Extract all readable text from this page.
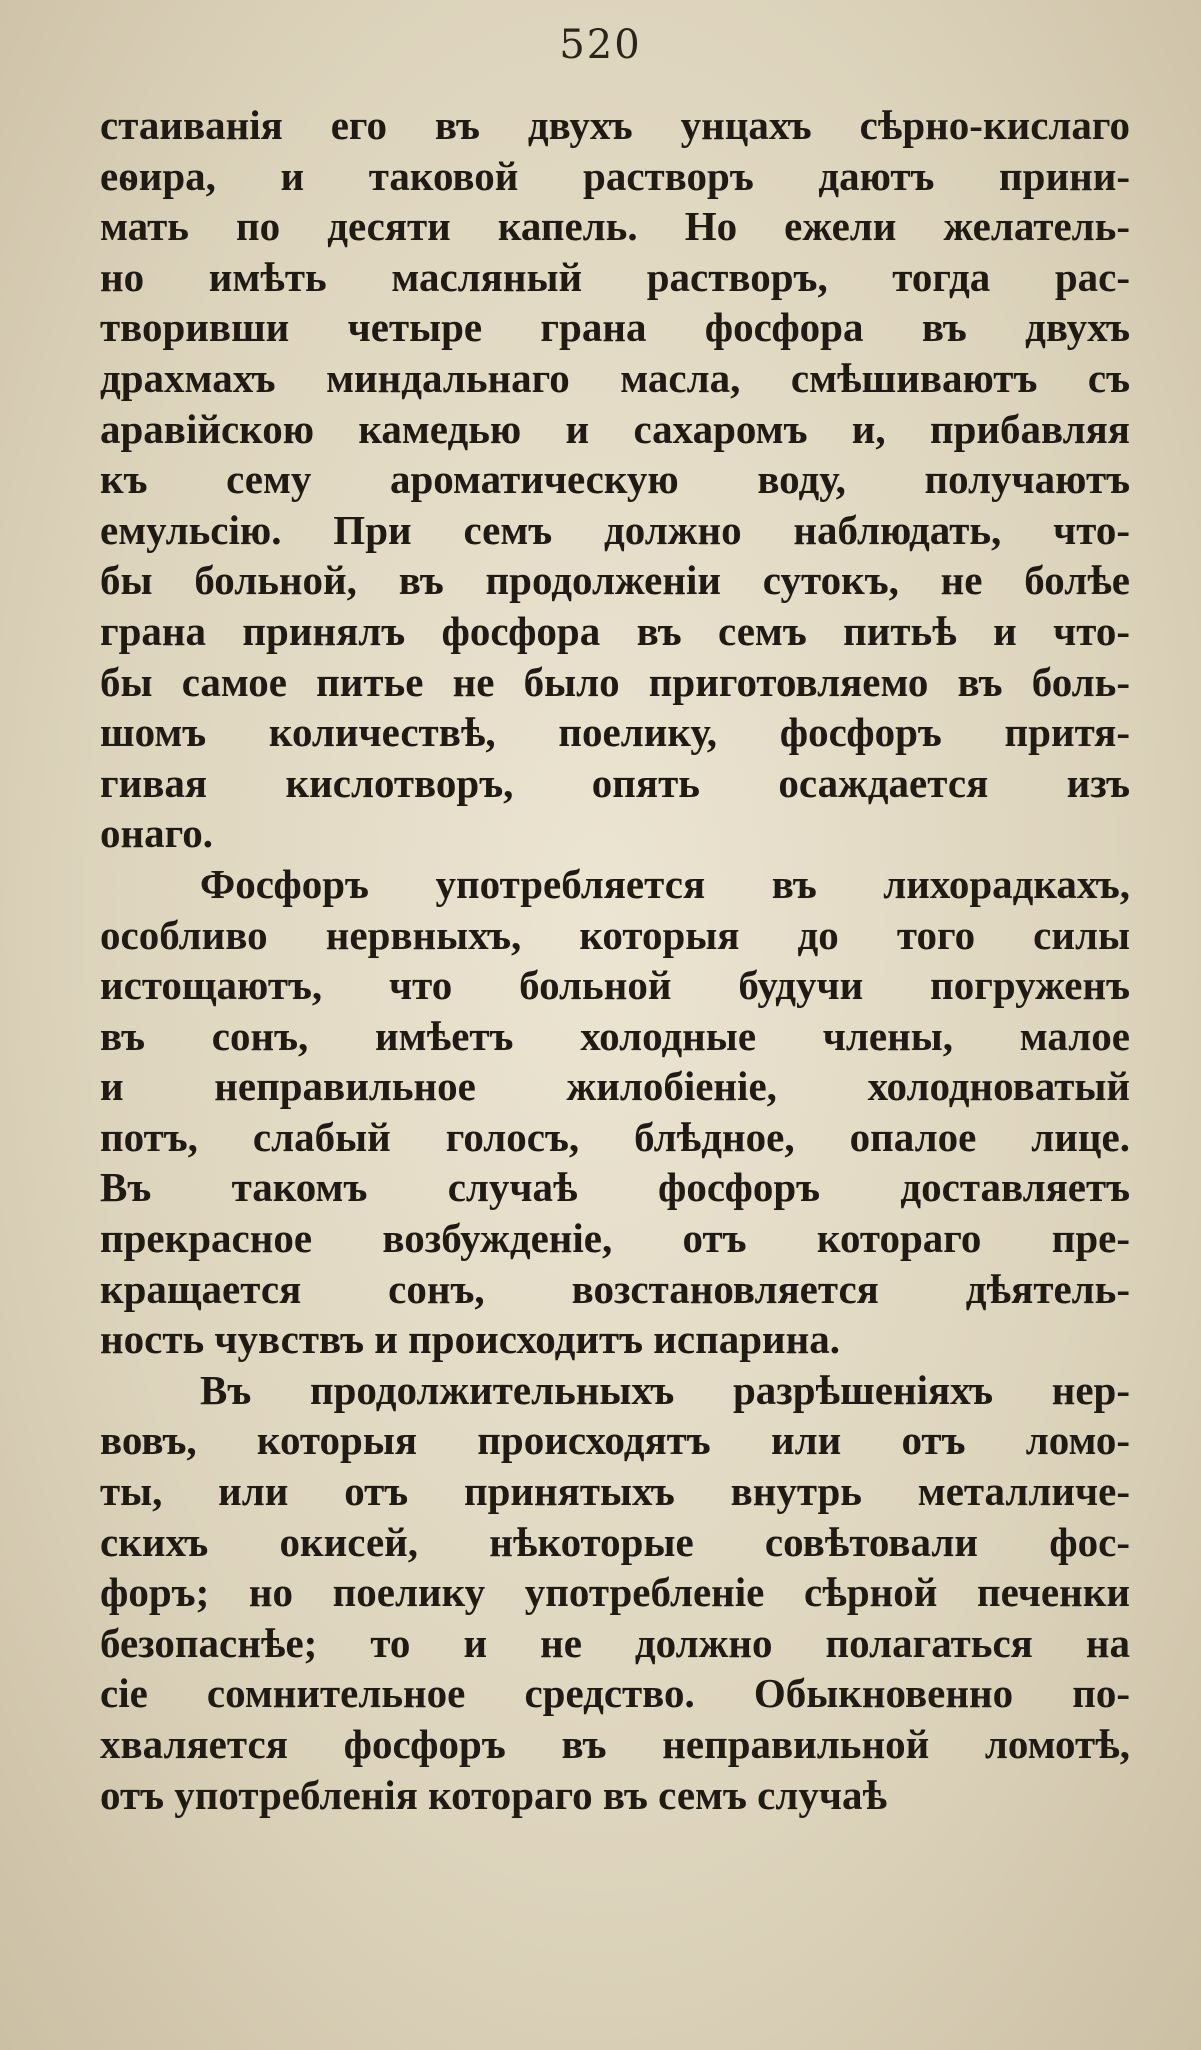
520
стаиванія его въ двухъ унцахъ сѣрно-кислаго
еѳира, и таковой растворъ даютъ прини-
мать по десяти капель. Но ежели желатель-
но имѣть масляный растворъ, тогда рас-
творивши четыре грана фосфора въ двухъ
драхмахъ миндальнаго масла, смѣшиваютъ съ
аравійскою камедью и сахаромъ и, прибавляя
къ сему ароматическую воду, получаютъ
емульсію. При семъ должно наблюдать, что-
бы больной, въ продолженіи сутокъ, не болѣе
грана принялъ фосфора въ семъ питьѣ и что-
бы самое питье не было приготовляемо въ боль-
шомъ количествѣ, поелику, фосфоръ притя-
гивая кислотворъ, опять осаждается изъ
онаго.
Фосфоръ употребляется въ лихорадкахъ,
особливо нервныхъ, которыя до того силы
истощаютъ, что больной будучи погруженъ
въ сонъ, имѣетъ холодные члены, малое
и неправильное жилобіеніе, холодноватый
потъ, слабый голосъ, блѣдное, опалое лице.
Въ такомъ случаѣ фосфоръ доставляетъ
прекрасное возбужденіе, отъ котораго пре-
кращается сонъ, возстановляется дѣятель-
ность чувствъ и происходитъ испарина.
Въ продолжительныхъ разрѣшеніяхъ нер-
вовъ, которыя происходятъ или отъ ломо-
ты, или отъ принятыхъ внутрь металличе-
скихъ окисей, нѣкоторые совѣтовали фос-
форъ; но поелику употребленіе сѣрной печенки
безопаснѣе; то и не должно полагаться на
сіе сомнительное средство. Обыкновенно по-
хваляется фосфоръ въ неправильной ломотѣ,
отъ употребленія котораго въ семъ случаѣ
